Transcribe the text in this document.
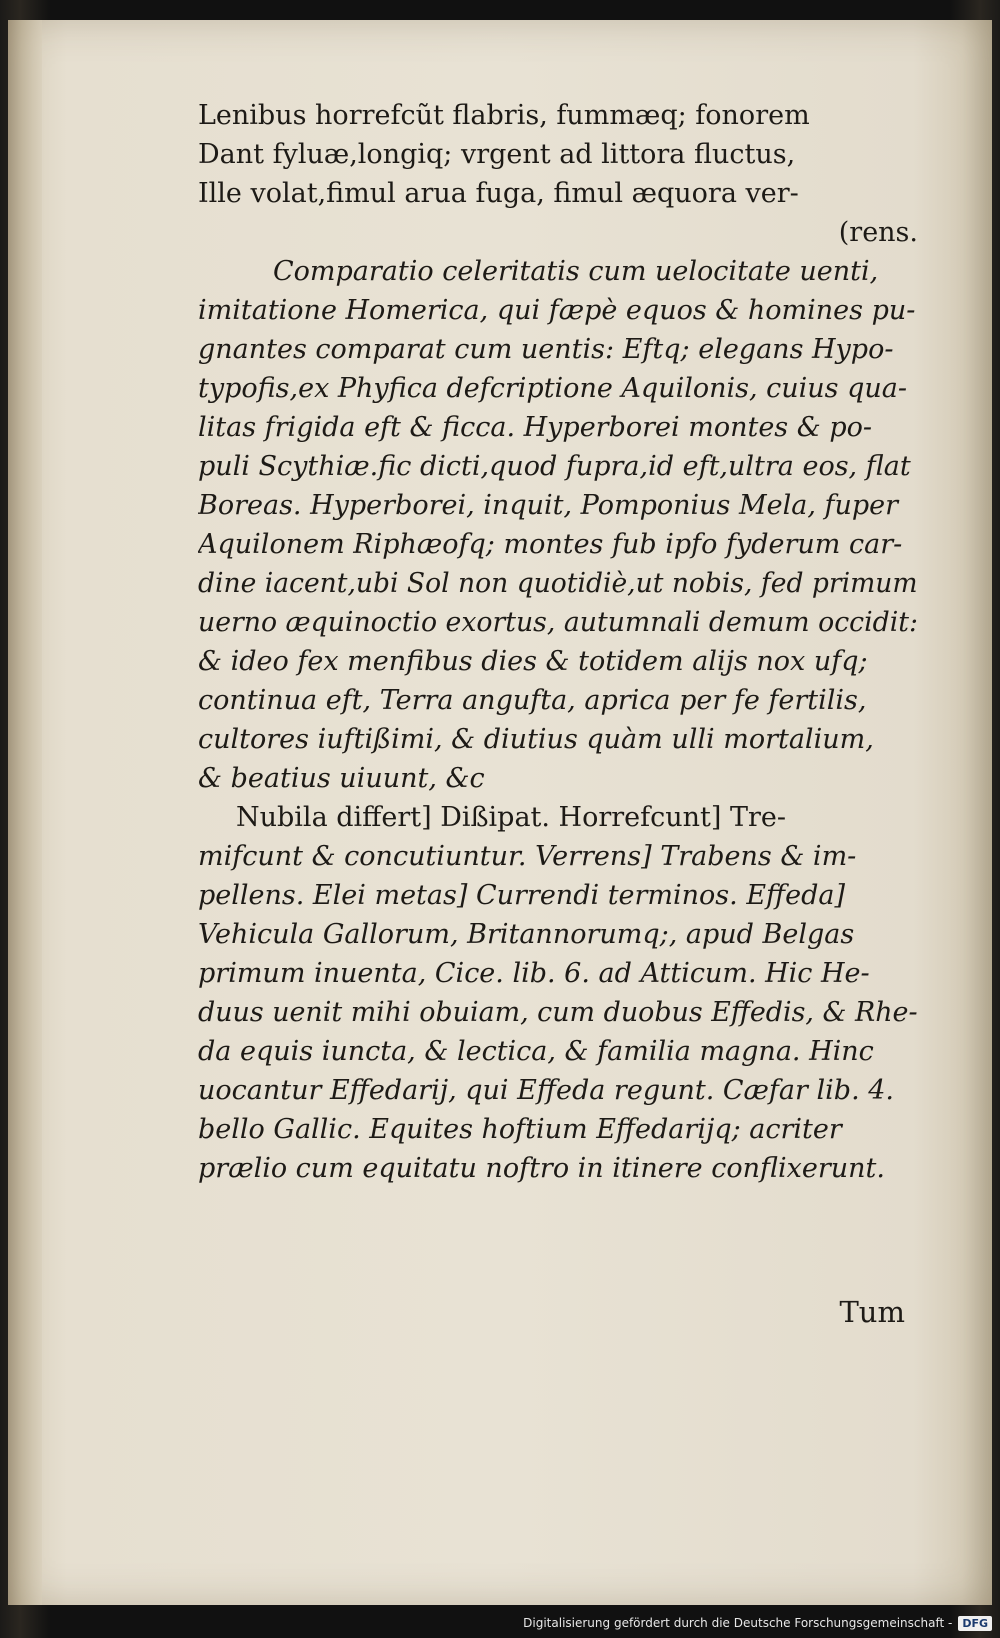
Lenibus horrefcũt flabris, fummæq; fonorem
Dant fyluæ,longiq; vrgent ad littora fluctus,
Ille volat,fimul arua fuga, fimul æquora ver-
(rens.
Comparatio celeritatis cum uelocitate uenti,
imitatione Homerica, qui fæpè equos & homines pu-
gnantes comparat cum uentis: Eftq; elegans Hypo-
typofis,ex Phyfica defcriptione Aquilonis, cuius qua-
litas frigida eft & ficca. Hyperborei montes & po-
puli Scythiæ.fic dicti,quod fupra,id eft,ultra eos, flat
Boreas. Hyperborei, inquit, Pomponius Mela, fuper
Aquilonem Riphæofq; montes fub ipfo fyderum car-
dine iacent,ubi Sol non quotidiè,ut nobis, fed primum
uerno æquinoctio exortus, autumnali demum occidit:
& ideo fex menfibus dies & totidem alijs nox ufq;
continua eft, Terra angufta, aprica per fe fertilis,
cultores iuftißimi, & diutius quàm ulli mortalium,
& beatius uiuunt, &c
Nubila differt] Dißipat. Horrefcunt] Tre-
mifcunt & concutiuntur. Verrens] Trabens & im-
pellens. Elei metas] Currendi terminos. Effeda]
Vehicula Gallorum, Britannorumq;, apud Belgas
primum inuenta, Cice. lib. 6. ad Atticum. Hic He-
duus uenit mihi obuiam, cum duobus Effedis, & Rhe-
da equis iuncta, & lectica, & familia magna. Hinc
uocantur Effedarij, qui Effeda regunt. Cæfar lib. 4.
bello Gallic. Equites hoftium Effedarijq; acriter
prælio cum equitatu noftro in itinere conflixerunt.
Tum
Digitalisierung gefördert durch die Deutsche Forschungsgemeinschaft - DFG
